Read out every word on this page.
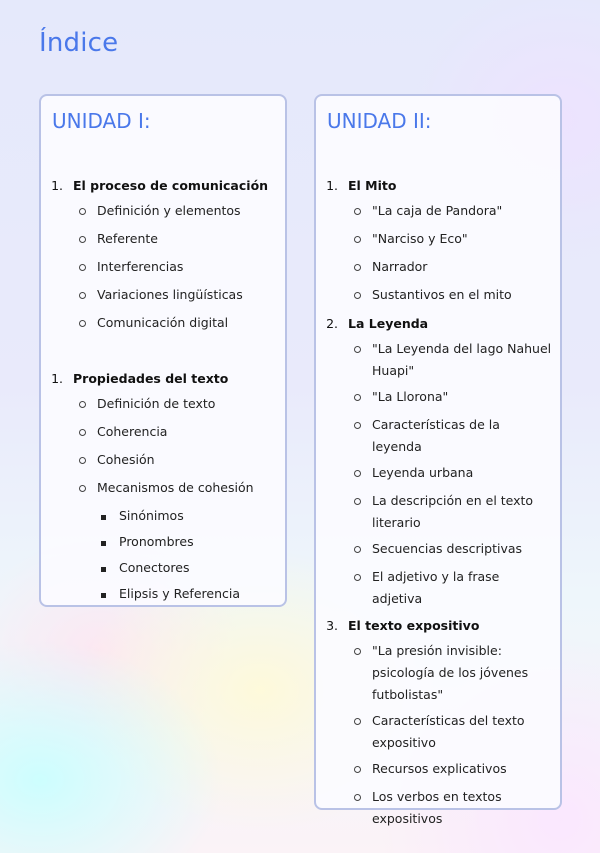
Índice
UNIDAD I:
1. El proceso de comunicación
Definición y elementos
Referente
Interferencias
Variaciones lingüísticas
Comunicación digital
1. Propiedades del texto
Definición de texto
Coherencia
Cohesión
Mecanismos de cohesión
Sinónimos
Pronombres
Conectores
Elipsis y Referencia
UNIDAD II:
1. El Mito
"La caja de Pandora"
"Narciso y Eco"
Narrador
Sustantivos en el mito
2. La Leyenda
"La Leyenda del lago Nahuel Huapi"
"La Llorona"
Características de la leyenda
Leyenda urbana
La descripción en el texto literario
Secuencias descriptivas
El adjetivo y la frase adjetiva
3. El texto expositivo
"La presión invisible: psicología de los jóvenes futbolistas"
Características del texto expositivo
Recursos explicativos
Los verbos en textos expositivos
